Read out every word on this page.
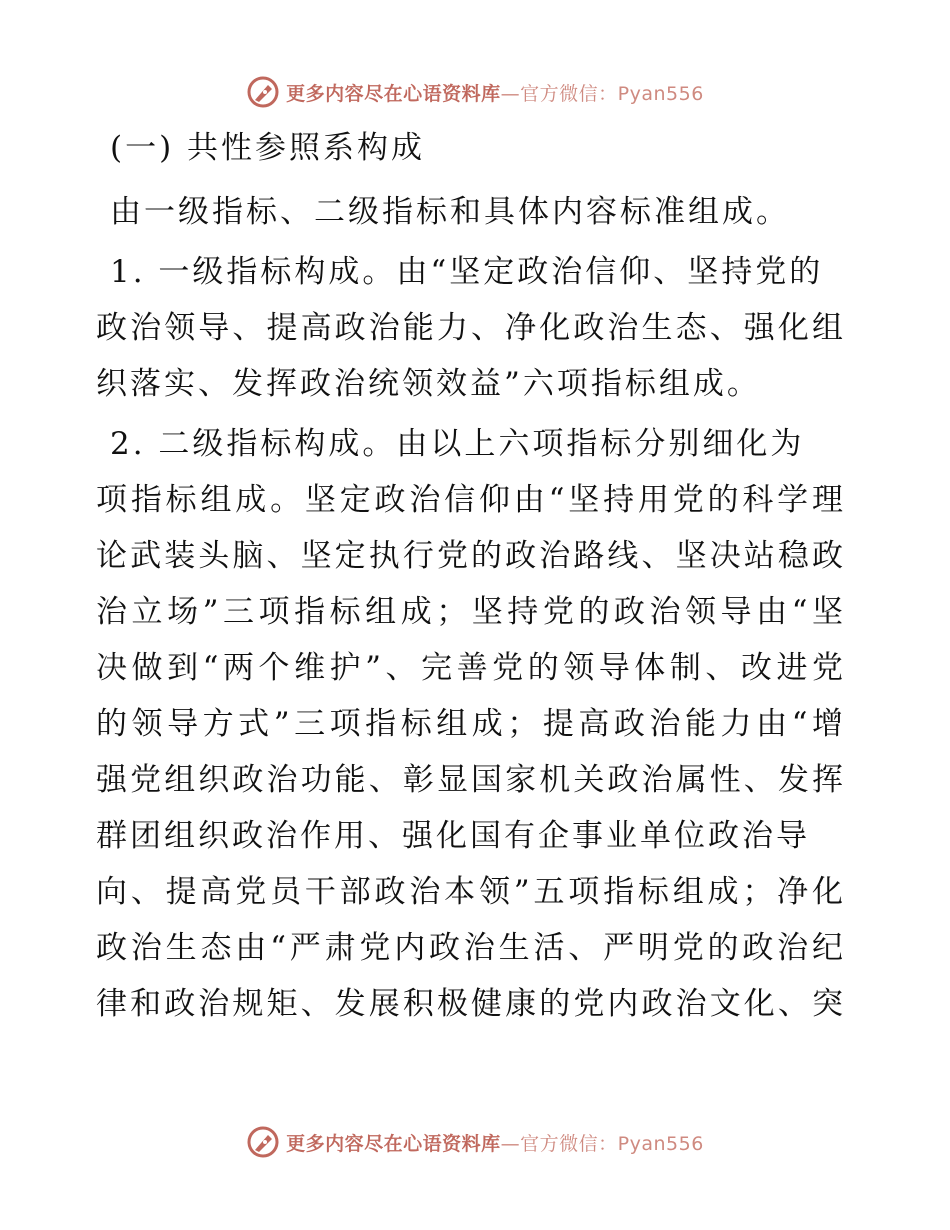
更多内容尽在心语资料库—官方微信：Pyan556
(一) 共性参照系构成
由一级指标、二级指标和具体内容标准组成。
1. 一级指标构成。由“坚定政治信仰、坚持党的
政治领导、提高政治能力、净化政治生态、强化组
织落实、发挥政治统领效益”六项指标组成。
2. 二级指标构成。由以上六项指标分别细化为
项指标组成。坚定政治信仰由“坚持用党的科学理
论武装头脑、坚定执行党的政治路线、坚决站稳政
治立场”三项指标组成；坚持党的政治领导由“坚
决做到“两个维护”、完善党的领导体制、改进党
的领导方式”三项指标组成；提高政治能力由“增
强党组织政治功能、彰显国家机关政治属性、发挥
群团组织政治作用、强化国有企事业单位政治导
向、提高党员干部政治本领”五项指标组成；净化
政治生态由“严肃党内政治生活、严明党的政治纪
律和政治规矩、发展积极健康的党内政治文化、突
更多内容尽在心语资料库—官方微信：Pyan556
